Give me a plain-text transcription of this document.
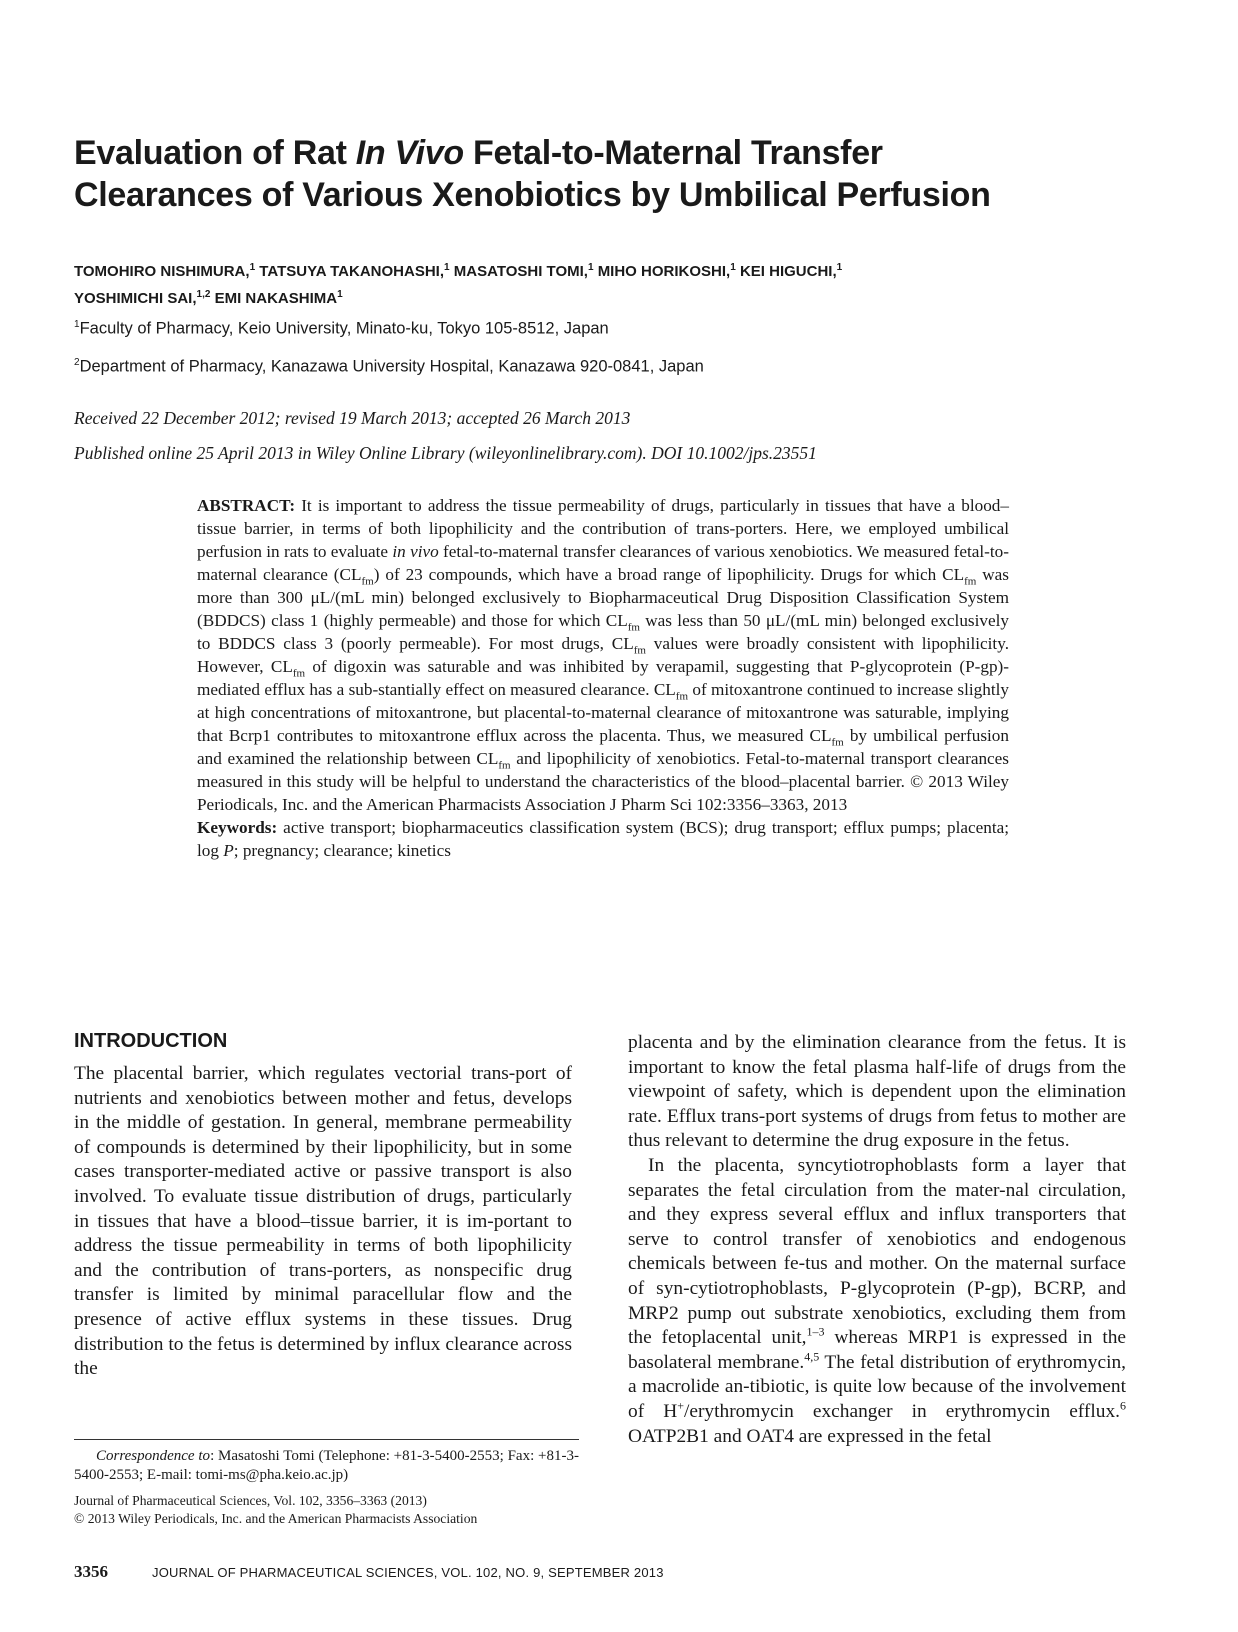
Evaluation of Rat In Vivo Fetal-to-Maternal Transfer
Clearances of Various Xenobiotics by Umbilical Perfusion
TOMOHIRO NISHIMURA,$^1$ TATSUYA TAKANOHASHI,$^1$ MASATOSHI TOMI,$^1$ MIHO HORIKOSHI,$^1$ KEI HIGUCHI,$^1$
YOSHIMICHI SAI,$^{1,2}$ EMI NAKASHIMA$^1$
$^1$Faculty of Pharmacy, Keio University, Minato-ku, Tokyo 105-8512, Japan
$^2$Department of Pharmacy, Kanazawa University Hospital, Kanazawa 920-0841, Japan
Received 22 December 2012; revised 19 March 2013; accepted 26 March 2013
Published online 25 April 2013 in Wiley Online Library (wileyonlinelibrary.com). DOI 10.1002/jps.23551
ABSTRACT: It is important to address the tissue permeability of drugs, particularly in tissues that have a blood–tissue barrier, in terms of both lipophilicity and the contribution of trans-porters. Here, we employed umbilical perfusion in rats to evaluate in vivo fetal-to-maternal transfer clearances of various xenobiotics. We measured fetal-to-maternal clearance $(CL_{fm})$ of 23 compounds, which have a broad range of lipophilicity. Drugs for which $CL_{fm}$ was more than 300 μL/(mL min) belonged exclusively to Biopharmaceutical Drug Disposition Classification System (BDDCS) class 1 (highly permeable) and those for which $CL_{fm}$ was less than 50 μL/(mL min) belonged exclusively to BDDCS class 3 (poorly permeable). For most drugs, $CL_{fm}$ values were broadly consistent with lipophilicity. However, $CL_{fm}$ of digoxin was saturable and was inhibited by verapamil, suggesting that P-glycoprotein (P-gp)-mediated efflux has a sub-stantially effect on measured clearance. $CL_{fm}$ of mitoxantrone continued to increase slightly at high concentrations of mitoxantrone, but placental-to-maternal clearance of mitoxantrone was saturable, implying that Bcrp1 contributes to mitoxantrone efflux across the placenta. Thus, we measured $CL_{fm}$ by umbilical perfusion and examined the relationship between $CL_{fm}$ and lipophilicity of xenobiotics. Fetal-to-maternal transport clearances measured in this study will be helpful to understand the characteristics of the blood–placental barrier. © 2013 Wiley Periodicals, Inc. and the American Pharmacists Association J Pharm Sci 102:3356–3363, 2013
Keywords: active transport; biopharmaceutics classification system (BCS); drug transport; efflux pumps; placenta; log P; pregnancy; clearance; kinetics
INTRODUCTION

The placental barrier, which regulates vectorial trans-port of nutrients and xenobiotics between mother and fetus, develops in the middle of gestation. In general, membrane permeability of compounds is determined by their lipophilicity, but in some cases transporter-mediated active or passive transport is also involved. To evaluate tissue distribution of drugs, particularly in tissues that have a blood–tissue barrier, it is im-portant to address the tissue permeability in terms of both lipophilicity and the contribution of trans-porters, as nonspecific drug transfer is limited by minimal paracellular flow and the presence of active efflux systems in these tissues. Drug distribution to the fetus is determined by influx clearance across the

placenta and by the elimination clearance from the fetus. It is important to know the fetal plasma half-life of drugs from the viewpoint of safety, which is dependent upon the elimination rate. Efflux trans-port systems of drugs from fetus to mother are thus relevant to determine the drug exposure in the fetus.

In the placenta, syncytiotrophoblasts form a layer that separates the fetal circulation from the mater-nal circulation, and they express several efflux and influx transporters that serve to control transfer of xenobiotics and endogenous chemicals between fe-tus and mother. On the maternal surface of syn-cytiotrophoblasts, P-glycoprotein (P-gp), BCRP, and MRP2 pump out substrate xenobiotics, excluding them from the fetoplacental unit,$^{1-3}$ whereas MRP1 is expressed in the basolateral membrane.$^{4,5}$ The fetal distribution of erythromycin, a macrolide an-tibiotic, is quite low because of the involvement of H+/erythromycin exchanger in erythromycin efflux.$^6$ OATP2B1 and OAT4 are expressed in the fetal

Correspondence to: Masatoshi Tomi (Telephone: +81-3-5400-2553; Fax: +81-3-5400-2553; E-mail: tomi-ms@pha.keio.ac.jp)
Journal of Pharmaceutical Sciences, Vol. 102, 3356–3363 (2013)
© 2013 Wiley Periodicals, Inc. and the American Pharmacists Association
3356	JOURNAL OF PHARMACEUTICAL SCIENCES, VOL. 102, NO. 9, SEPTEMBER 2013
